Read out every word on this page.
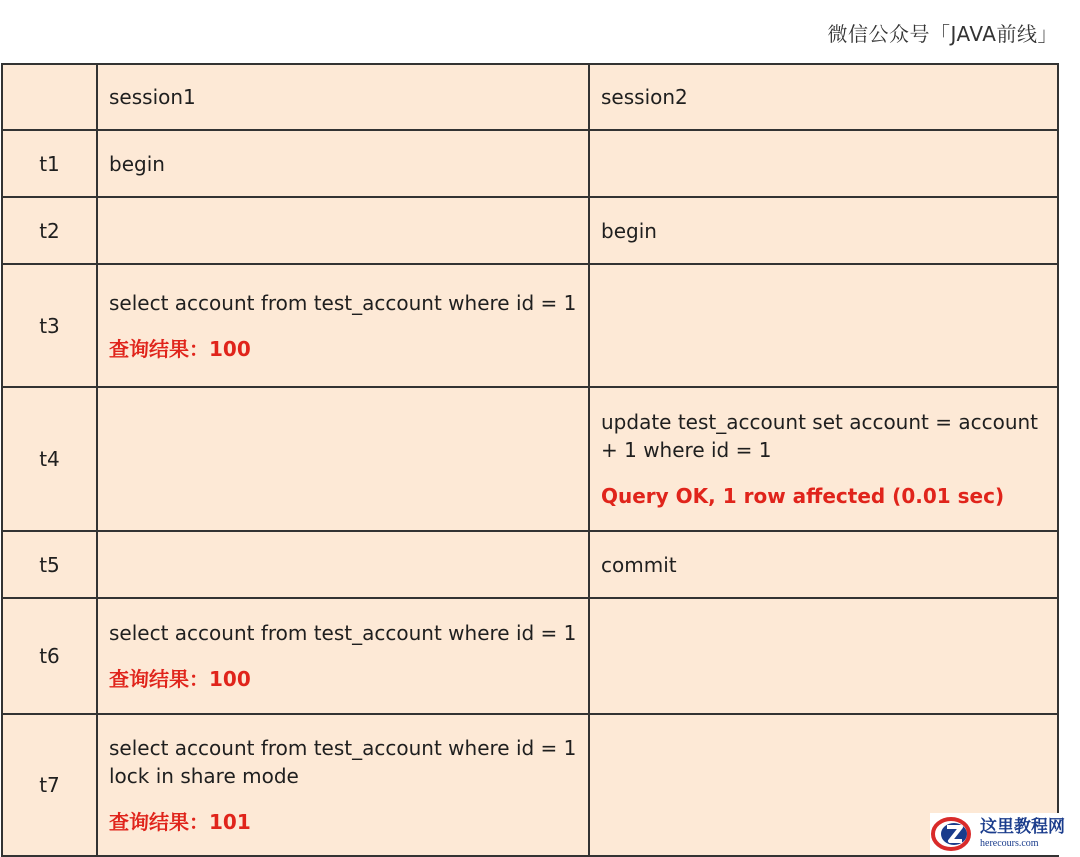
微信公众号「JAVA前线」
	session1	session2
t1	begin	

t2		begin

t3	select account from test_account where id = 1
查询结果：100	

t4		update test_account set account = account + 1 where id = 1
Query OK, 1 row affected (0.01 sec)

t5		commit

t6	select account from test_account where id = 1
查询结果：100	

t7	select account from test_account where id = 1 lock in share mode
查询结果：101	
		这里教程网
herecours.com
